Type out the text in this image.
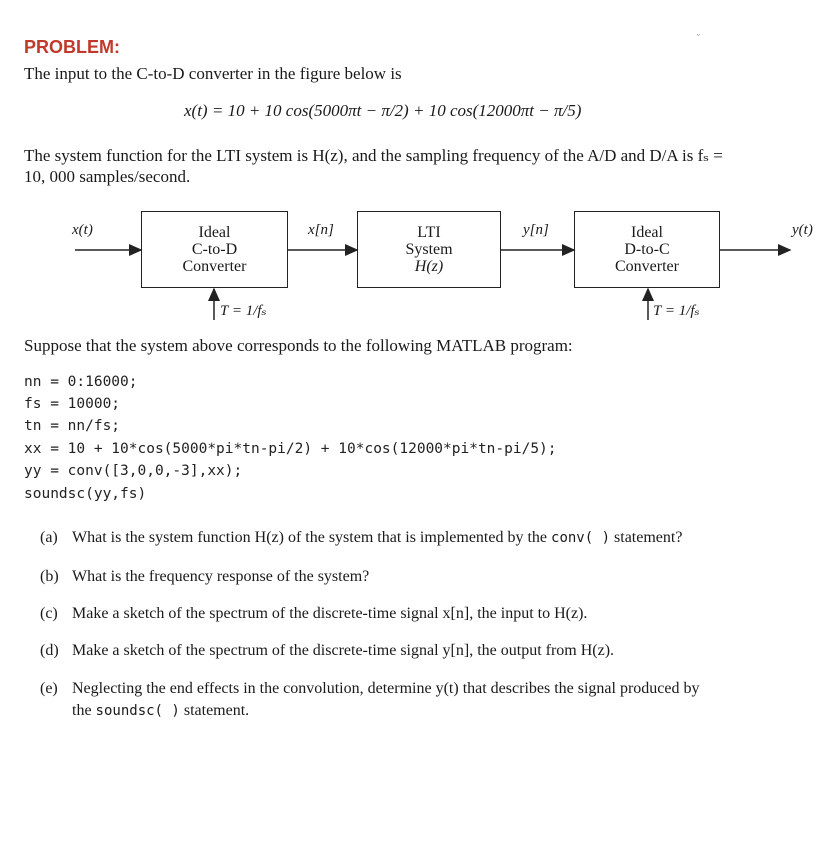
ᵕ
PROBLEM:
The input to the C-to-D converter in the figure below is
x(t) = 10 + 10 cos(5000πt − π/2) + 10 cos(12000πt − π/5)
The system function for the LTI system is H(z), and the sampling frequency of the A/D and D/A is fₛ =
10, 000 samples/second.
x(t)	Ideal
C-to-D
Converter
x[n]	LTI
System
H(z)
y[n]	Ideal
D-to-C
Converter
y(t)
T = 1/fₛ	T = 1/fₛ
Suppose that the system above corresponds to the following MATLAB program:
nn = 0:16000;
fs = 10000;
tn = nn/fs;
xx = 10 + 10*cos(5000*pi*tn-pi/2) + 10*cos(12000*pi*tn-pi/5);
yy = conv([3,0,0,-3],xx);
soundsc(yy,fs)
(a) What is the system function H(z) of the system that is implemented by the conv( ) statement?
(b) What is the frequency response of the system?
(c) Make a sketch of the spectrum of the discrete-time signal x[n], the input to H(z).
(d) Make a sketch of the spectrum of the discrete-time signal y[n], the output from H(z).
(e) Neglecting the end effects in the convolution, determine y(t) that describes the signal produced by
the soundsc( ) statement.
